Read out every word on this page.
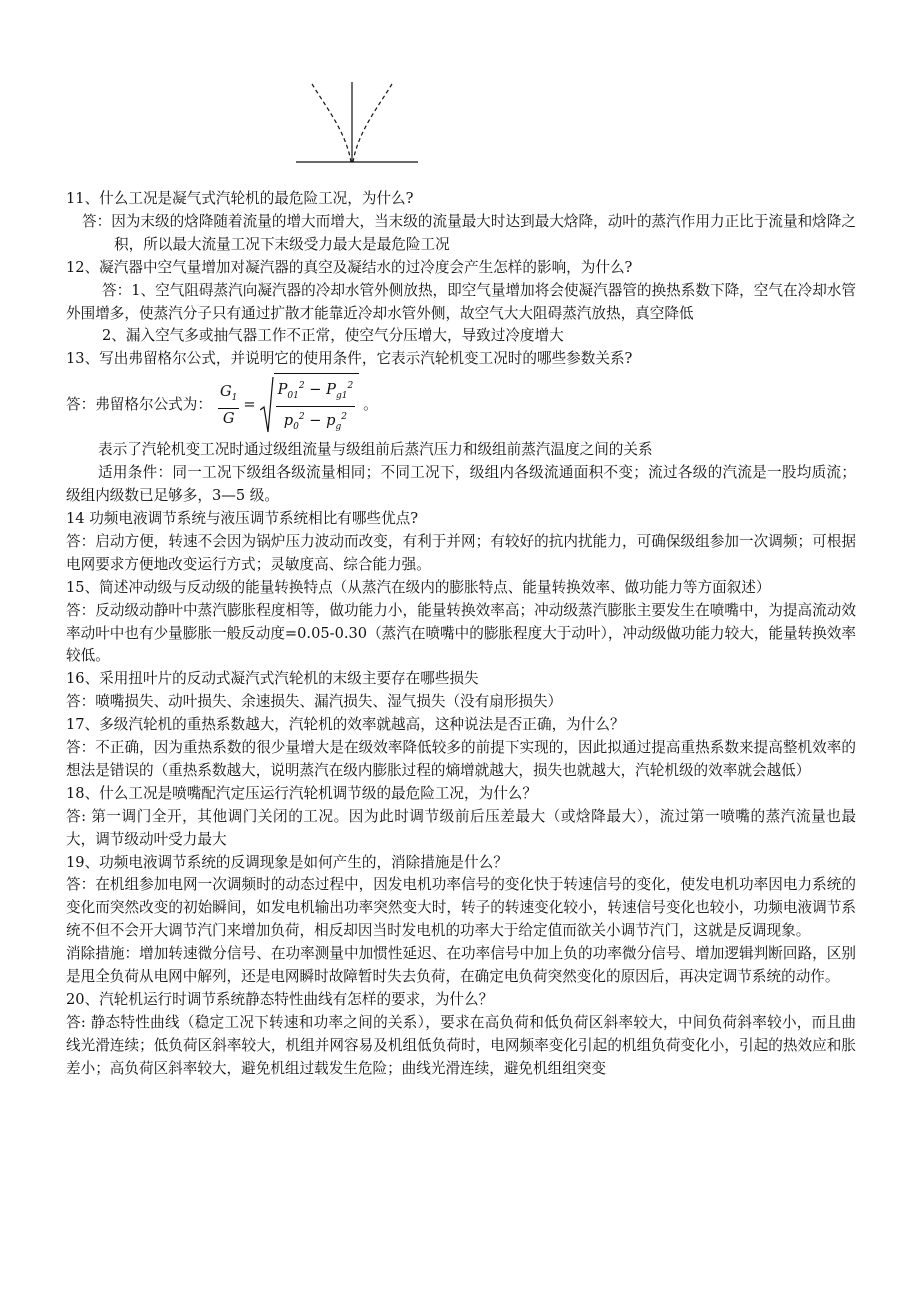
11、什么工况是凝气式汽轮机的最危险工况，为什么?

答：因为末级的焓降随着流量的增大而增大，当末级的流量最大时达到最大焓降，动叶的蒸汽作用力正比于流量和焓降之积，所以最大流量工况下末级受力最大是最危险工况

12、凝汽器中空气量增加对凝汽器的真空及凝结水的过冷度会产生怎样的影响，为什么?

答：1、空气阻碍蒸汽向凝汽器的冷却水管外侧放热，即空气量增加将会使凝汽器管的换热系数下降，空气在冷却水管外围增多，使蒸汽分子只有通过扩散才能靠近冷却水管外侧，故空气大大阻碍蒸汽放热，真空降低

2、漏入空气多或抽气器工作不正常，使空气分压增大，导致过冷度增大

13、写出弗留格尔公式，并说明它的使用条件，它表示汽轮机变工况时的哪些参数关系?

答：弗留格尔公式为： $\frac{G_1}{G} = \frac{P_{01}^2 - P_{g1}^2}{p_0^2 - p_g^2}$ 。

表示了汽轮机变工况时通过级组流量与级组前后蒸汽压力和级组前蒸汽温度之间的关系

适用条件：同一工况下级组各级流量相同；不同工况下，级组内各级流通面积不变；流过各级的汽流是一股均质流；级组内级数已足够多，3—5 级。

14 功频电液调节系统与液压调节系统相比有哪些优点?

答：启动方便，转速不会因为锅炉压力波动而改变，有利于并网；有较好的抗内扰能力，可确保级组参加一次调频；可根据电网要求方便地改变运行方式；灵敏度高、综合能力强。

15、简述冲动级与反动级的能量转换特点（从蒸汽在级内的膨胀特点、能量转换效率、做功能力等方面叙述）

答：反动级动静叶中蒸汽膨胀程度相等，做功能力小，能量转换效率高；冲动级蒸汽膨胀主要发生在喷嘴中，为提高流动效率动叶中也有少量膨胀一般反动度=0.05-0.30（蒸汽在喷嘴中的膨胀程度大于动叶），冲动级做功能力较大，能量转换效率较低。

16、采用扭叶片的反动式凝汽式汽轮机的末级主要存在哪些损失

答：喷嘴损失、动叶损失、余速损失、漏汽损失、湿气损失（没有扇形损失）

17、多级汽轮机的重热系数越大，汽轮机的效率就越高，这种说法是否正确，为什么？

答：不正确，因为重热系数的很少量增大是在级效率降低较多的前提下实现的，因此拟通过提高重热系数来提高整机效率的想法是错误的（重热系数越大，说明蒸汽在级内膨胀过程的熵增就越大，损失也就越大，汽轮机级的效率就会越低）

18、什么工况是喷嘴配汽定压运行汽轮机调节级的最危险工况，为什么？

答: 第一调门全开，其他调门关闭的工况。因为此时调节级前后压差最大（或焓降最大），流过第一喷嘴的蒸汽流量也最大，调节级动叶受力最大

19、功频电液调节系统的反调现象是如何产生的，消除措施是什么？

答：在机组参加电网一次调频时的动态过程中，因发电机功率信号的变化快于转速信号的变化，使发电机功率因电力系统的变化而突然改变的初始瞬间，如发电机输出功率突然变大时，转子的转速变化较小，转速信号变化也较小，功频电液调节系统不但不会开大调节汽门来增加负荷，相反却因当时发电机的功率大于给定值而欲关小调节汽门，这就是反调现象。

消除措施：增加转速微分信号、在功率测量中加惯性延迟、在功率信号中加上负的功率微分信号、增加逻辑判断回路，区别是甩全负荷从电网中解列，还是电网瞬时故障暂时失去负荷，在确定电负荷突然变化的原因后，再决定调节系统的动作。

20、汽轮机运行时调节系统静态特性曲线有怎样的要求，为什么？

答: 静态特性曲线（稳定工况下转速和功率之间的关系），要求在高负荷和低负荷区斜率较大，中间负荷斜率较小，而且曲线光滑连续；低负荷区斜率较大，机组并网容易及机组低负荷时，电网频率变化引起的机组负荷变化小，引起的热效应和胀差小；高负荷区斜率较大，避免机组过载发生危险；曲线光滑连续，避免机组组突变
